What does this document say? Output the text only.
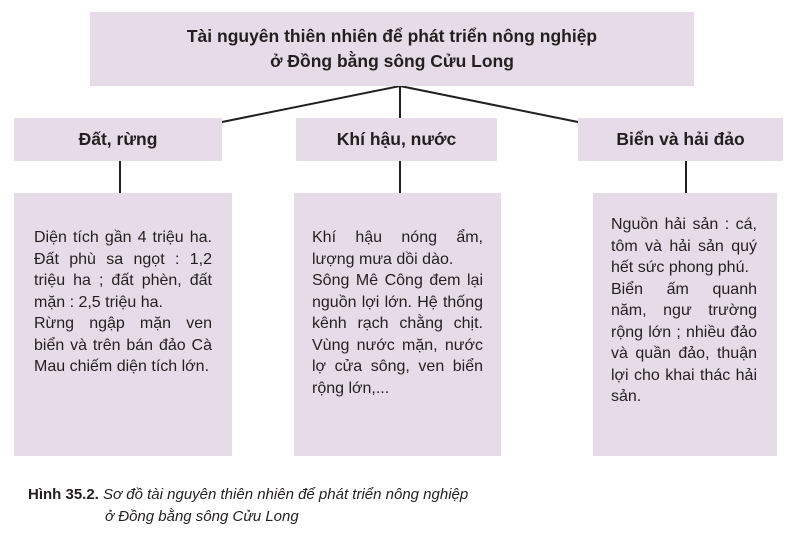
Tài nguyên thiên nhiên để phát triển nông nghiệp
ở Đồng bằng sông Cửu Long
Đất, rừng	Khí hậu, nước	Biển và hải đảo

Diện tích gần 4 triệu ha. Đất phù sa ngọt : 1,2 triệu ha ; đất phèn, đất mặn : 2,5 triệu ha.

Rừng ngập mặn ven biển và trên bán đảo Cà Mau chiếm diện tích lớn.

Khí hậu nóng ẩm, lượng mưa dồi dào.

Sông Mê Công đem lại nguồn lợi lớn. Hệ thống kênh rạch chằng chịt. Vùng nước mặn, nước lợ cửa sông, ven biển rộng lớn,...

Nguồn hải sản : cá, tôm và hải sản quý hết sức phong phú.

Biển ấm quanh năm, ngư trường rộng lớn ; nhiều đảo và quần đảo, thuận lợi cho khai thác hải sản.

Hình 35.2. Sơ đồ tài nguyên thiên nhiên để phát triển nông nghiệp
ở Đồng bằng sông Cửu Long
